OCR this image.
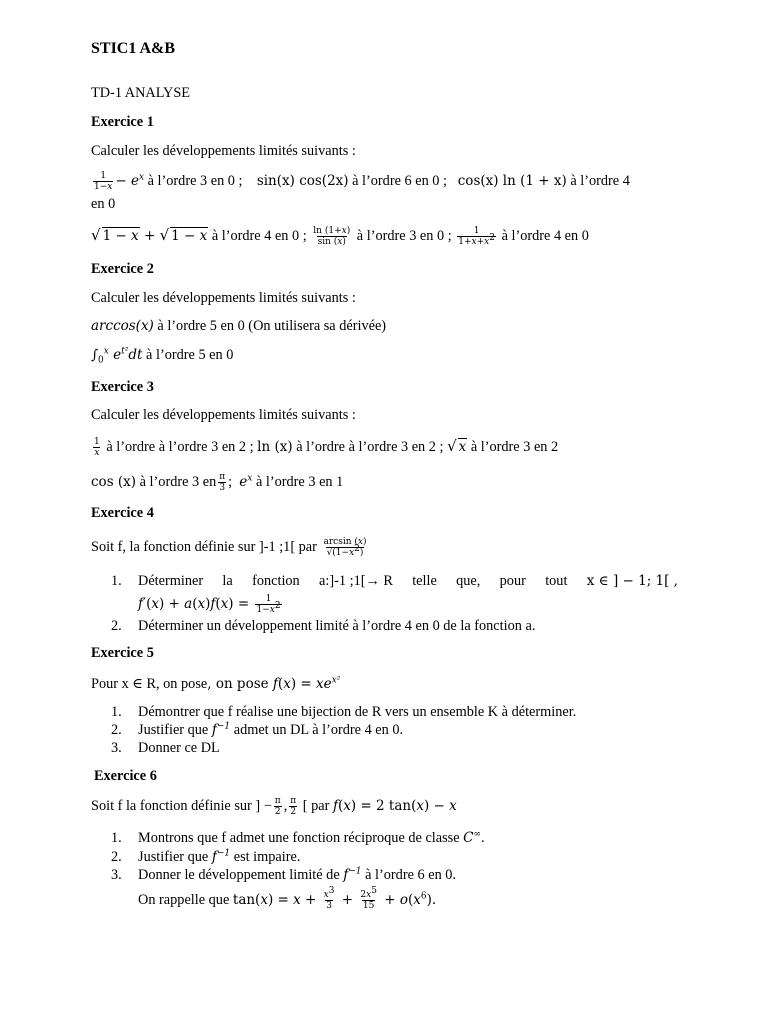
STIC1 A&B
TD-1 ANALYSE
Exercice 1
Calculer les développements limités suivants :
$\frac{1}{1-x} - e^x$ à l’ordre 3 en 0 ; sin(x) cos(2x) à l’ordre 6 en 0 ; cos(x) ln (1 + x) à l’ordre 4
en 0
√ 1 − x + √ 1 − x à l’ordre 4 en 0 ; $\frac{\ln (1+x)}{\sin (x)}$ à l’ordre 3 en 0 ; $\frac{1}{1+x+x^2}$ à l’ordre 4 en 0
Exercice 2
Calculer les développements limités suivants :
arccos(x) à l’ordre 5 en 0 (On utilisera sa dérivée)
$\int_0^x$ $e^{t^2}dt$ à l’ordre 5 en 0
Exercice 3
Calculer les développements limités suivants :
$\frac{1}{x}$ à l’ordre à l’ordre 3 en 2 ; ln (x) à l’ordre à l’ordre 3 en 2 ; √ x à l’ordre 3 en 2
cos (x) à l’ordre 3 en $\frac{\pi}{3}$ ;  $e^x$ à l’ordre 3 en 1
Exercice 4
Soit f, la fonction définie sur ]-1 ;1[ par $\frac{\arcsin (x)}{√(1-x^2)}$
1. Déterminer la fonction a:]-1 ;1[→ R telle que, pour tout x ∈ ] − 1; 1[ ,
$f'(x) + a(x)f(x) = \frac{1}{1-x^2}$
2. Déterminer un développement limité à l’ordre 4 en 0 de la fonction a.
Exercice 5
Pour x ∈ R, on pose, on pose $f(x) = xe^{x^2}$
1. Démontrer que f réalise une bijection de R vers un ensemble K à déterminer.
2. Justifier que $f^{-1}$ admet un DL à l’ordre 4 en 0.
3. Donner ce DL
Exercice 6
Soit f la fonction définie sur ] − $\frac{\pi}{2}$ , $\frac{\pi}{2}$ [ par f(x) = 2 tan(x) − x
1. Montrons que f admet une fonction réciproque de classe C∞.
2. Justifier que $f^{-1}$ est impaire.
3. Donner le développement limité de $f^{-1}$ à l’ordre 6 en 0.
On rappelle que $\tan(x) = x + \frac{x^3}{3} + \frac{2x^5}{15} + o(x^6)$.
